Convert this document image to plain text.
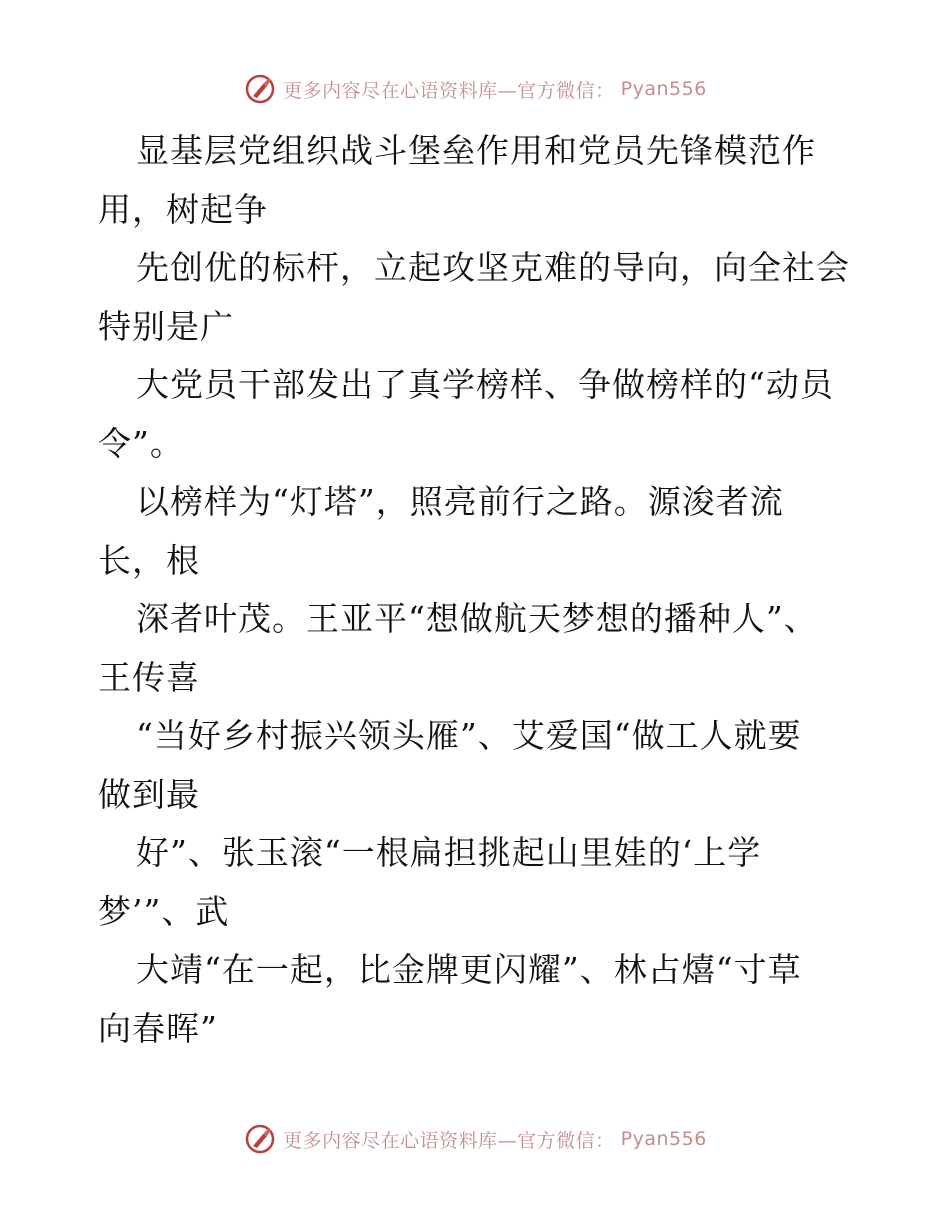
更多内容尽在心语资料库—官方微信： Pyan556
显基层党组织战斗堡垒作用和党员先锋模范作
用，树起争
先创优的标杆，立起攻坚克难的导向，向全社会
特别是广
大党员干部发出了真学榜样、争做榜样的“动员
令”。
以榜样为“灯塔”，照亮前行之路。源浚者流
长，根
深者叶茂。王亚平“想做航天梦想的播种人”、
王传喜
“当好乡村振兴领头雁”、艾爱国“做工人就要
做到最
好”、张玉滚“一根扁担挑起山里娃的‘上学
梦’”、武
大靖“在一起，比金牌更闪耀”、林占熺“寸草
向春晖”
更多内容尽在心语资料库—官方微信： Pyan556
